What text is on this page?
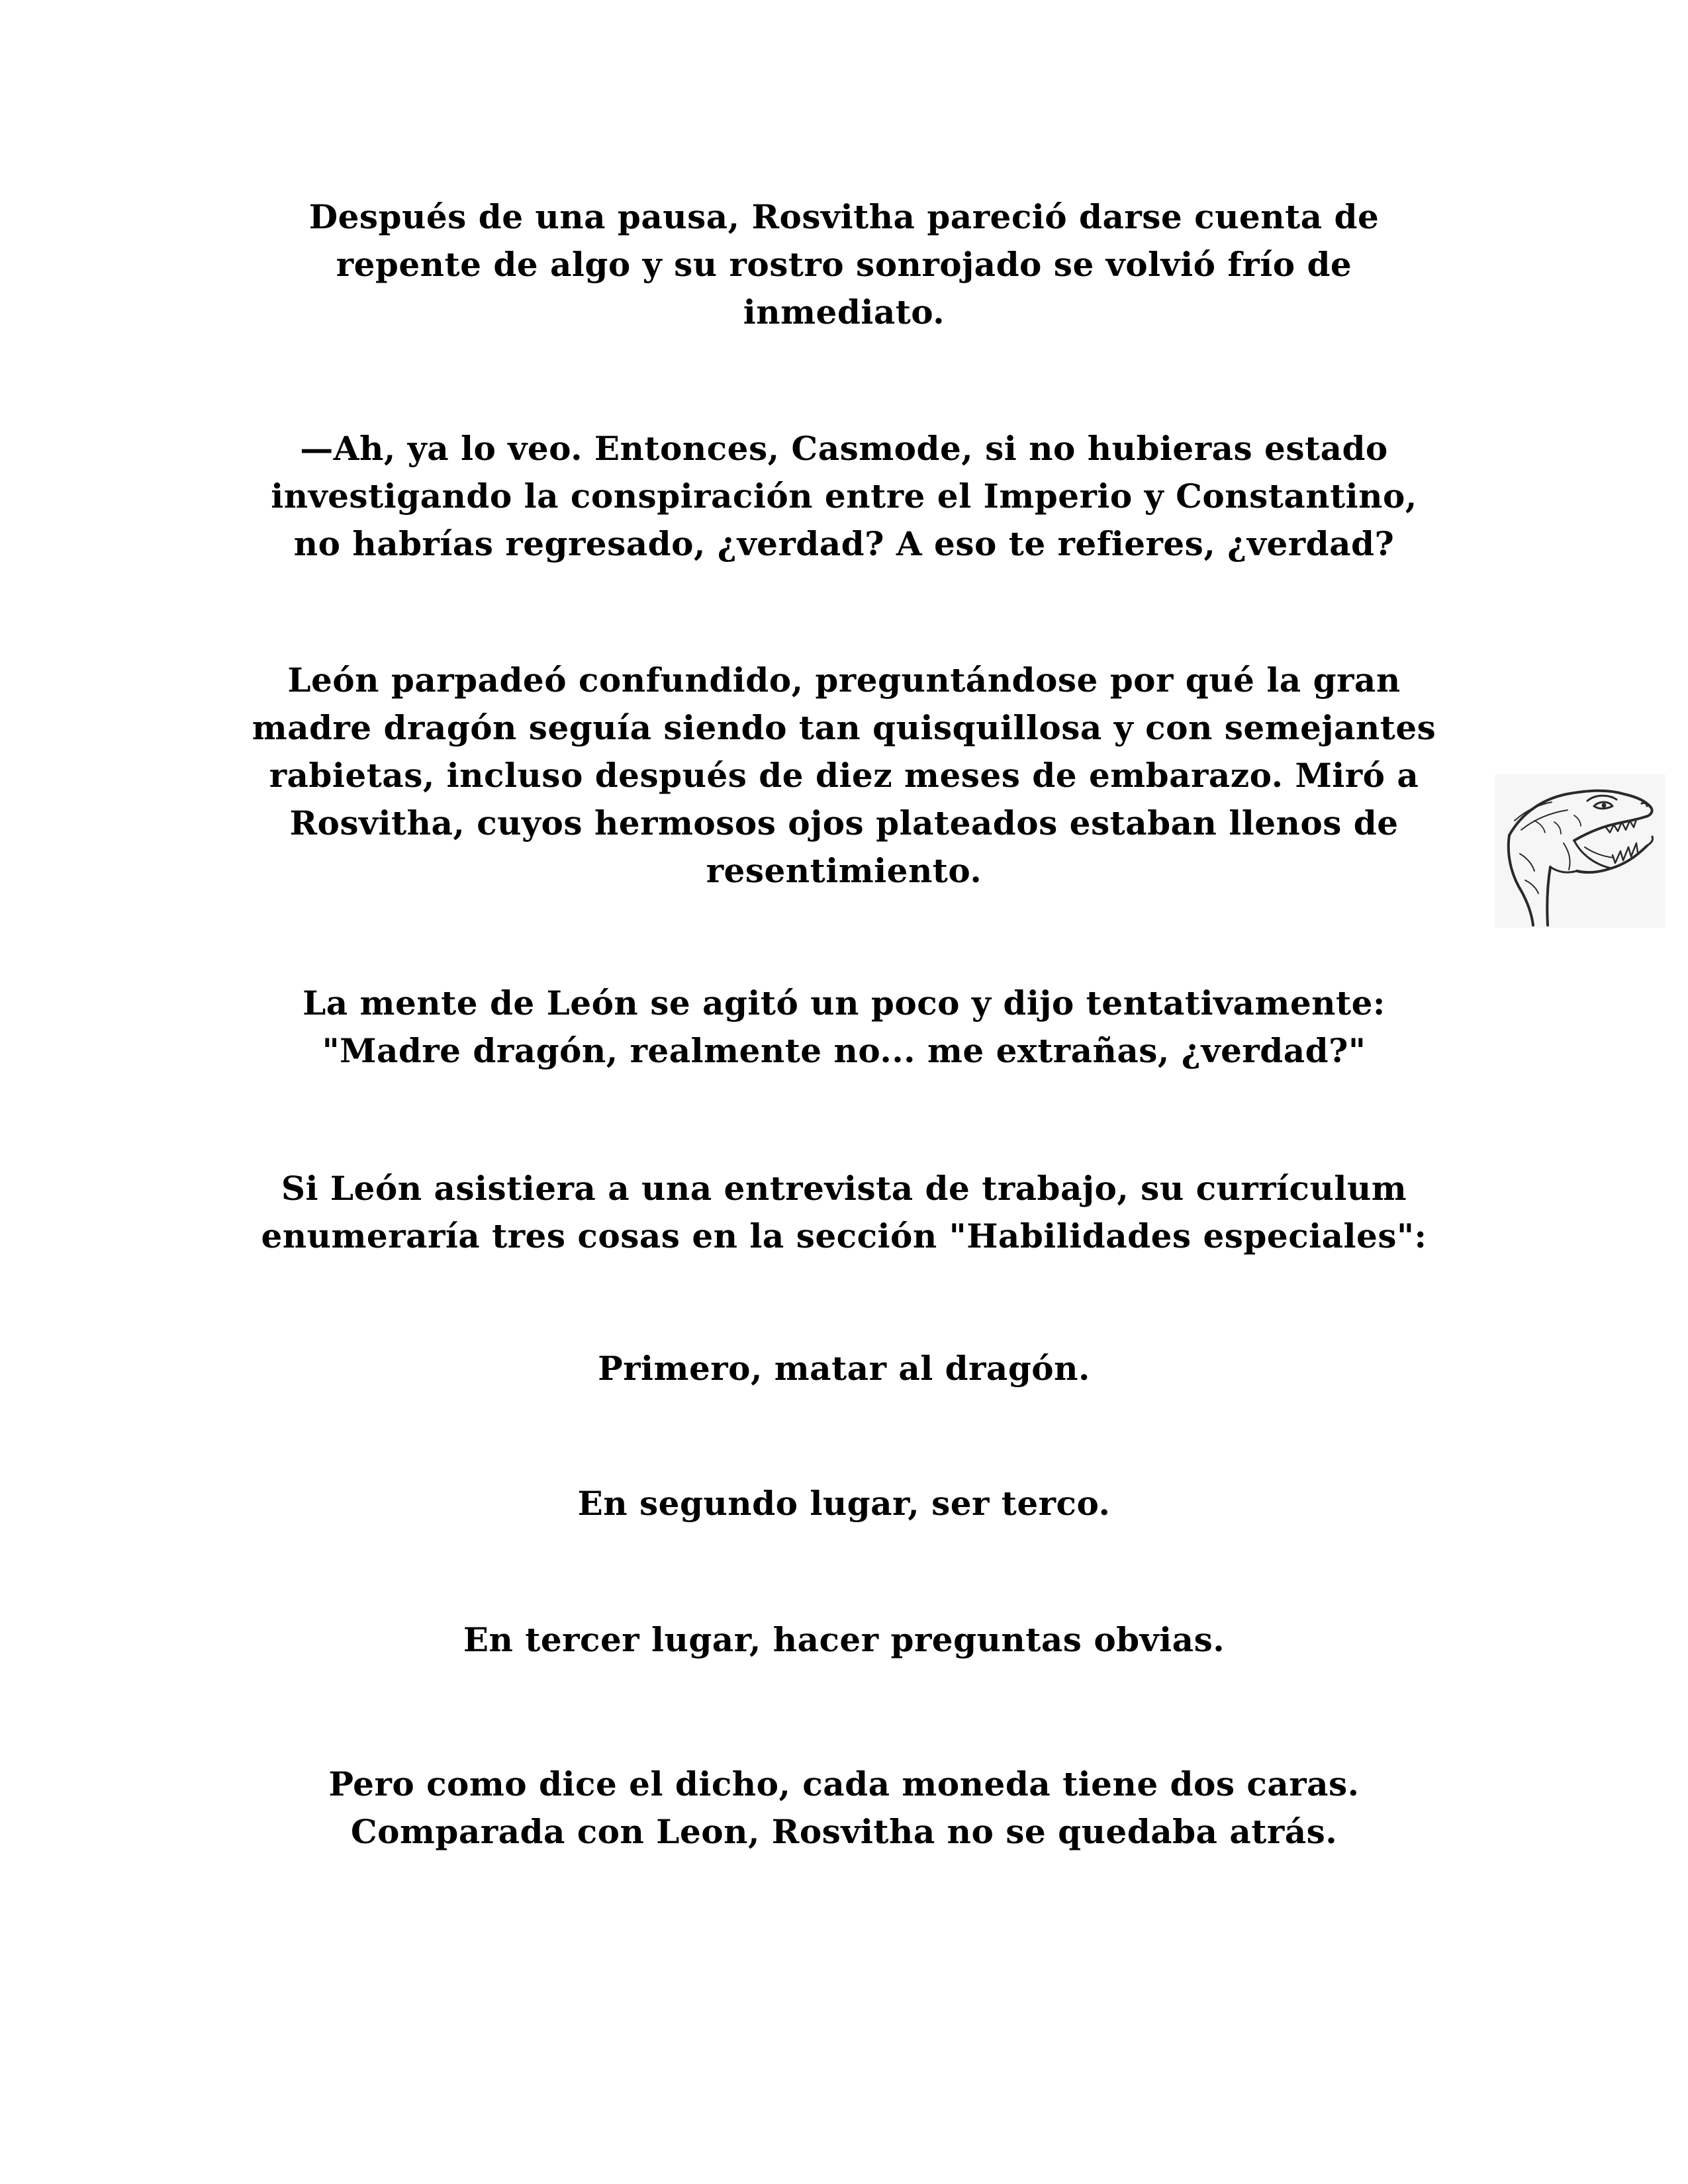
Después de una pausa, Rosvitha pareció darse cuenta de
repente de algo y su rostro sonrojado se volvió frío de
inmediato.

—Ah, ya lo veo. Entonces, Casmode, si no hubieras estado
investigando la conspiración entre el Imperio y Constantino,
no habrías regresado, ¿verdad? A eso te refieres, ¿verdad?

León parpadeó confundido, preguntándose por qué la gran
madre dragón seguía siendo tan quisquillosa y con semejantes
rabietas, incluso después de diez meses de embarazo. Miró a
Rosvitha, cuyos hermosos ojos plateados estaban llenos de
resentimiento.

La mente de León se agitó un poco y dijo tentativamente:
"Madre dragón, realmente no... me extrañas, ¿verdad?"

Si León asistiera a una entrevista de trabajo, su currículum
enumeraría tres cosas en la sección "Habilidades especiales":

Primero, matar al dragón.

En segundo lugar, ser terco.

En tercer lugar, hacer preguntas obvias.

Pero como dice el dicho, cada moneda tiene dos caras.
Comparada con Leon, Rosvitha no se quedaba atrás.
